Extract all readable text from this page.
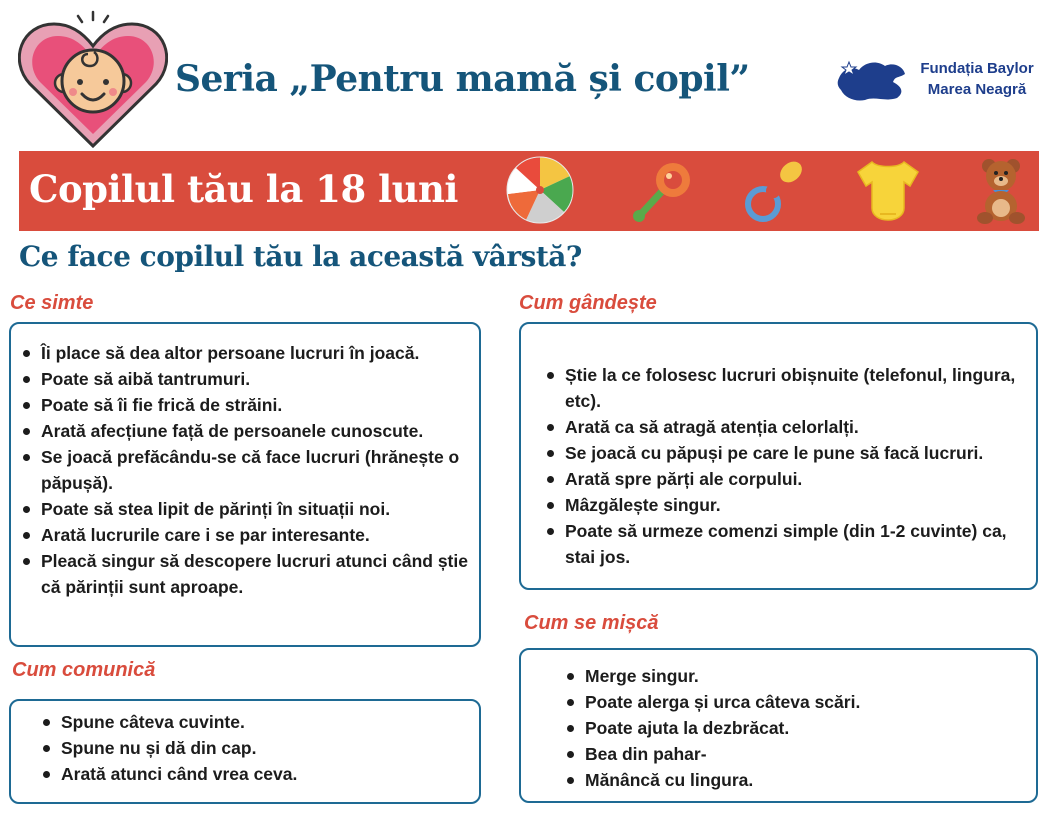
Seria „Pentru mamă și copil”	Fundația Baylor
Marea Neagră
Copilul tău la 18 luni
Ce face copilul tău la această vârstă?
Ce simte
Îi place să dea altor persoane lucruri în joacă.
Poate să aibă tantrumuri.
Poate să îi fie frică de străini.
Arată afecțiune față de persoanele cunoscute.
Se joacă prefăcându-se că face lucruri (hrănește o păpușă).
Poate să stea lipit de părinți în situații noi.
Arată lucrurile care i se par interesante.
Pleacă singur să descopere lucruri atunci când știe că părinții sunt aproape.
Cum comunică
Spune câteva cuvinte.
Spune nu și dă din cap.
Arată atunci când vrea ceva.
Cum gândește
Știe la ce folosesc lucruri obișnuite (telefonul, lingura, etc).
Arată ca să atragă atenția celorlalți.
Se joacă cu păpuși pe care le pune să facă lucruri.
Arată spre părți ale corpului.
Mâzgălește singur.
Poate să urmeze comenzi simple (din 1-2 cuvinte) ca, stai jos.
Cum se mișcă
Merge singur.
Poate alerga și urca câteva scări.
Poate ajuta la dezbrăcat.
Bea din pahar-
Mănâncă cu lingura.
